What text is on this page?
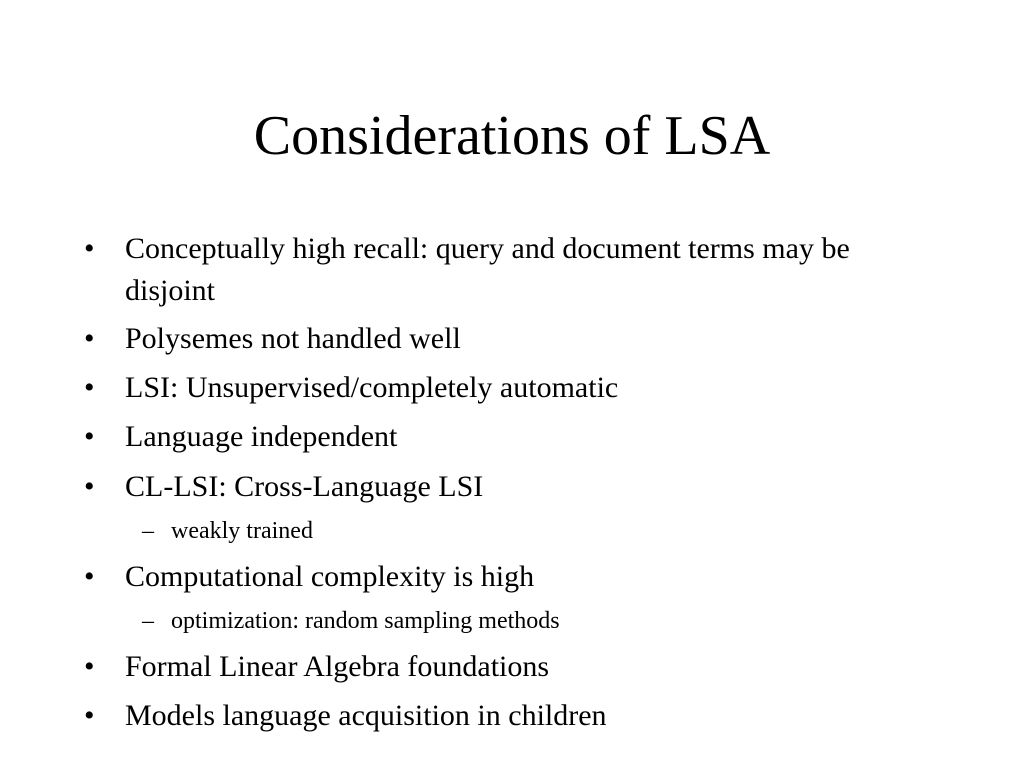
Considerations of LSA
• Conceptually high recall: query and document terms may be disjoint
• Polysemes not handled well
• LSI: Unsupervised/completely automatic
• Language independent
• CL-LSI: Cross-Language LSI
– weakly trained
• Computational complexity is high
– optimization: random sampling methods
• Formal Linear Algebra foundations
• Models language acquisition in children
